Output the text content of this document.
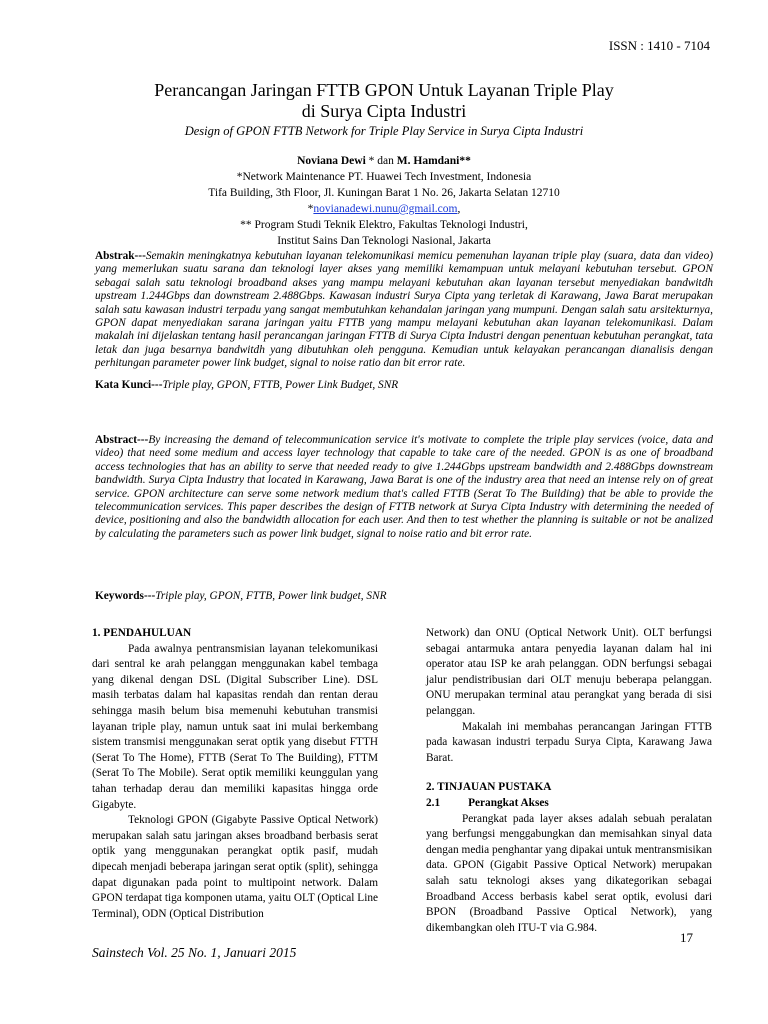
ISSN : 1410 - 7104
Perancangan Jaringan FTTB GPON Untuk Layanan Triple Play
di Surya Cipta Industri
Design of GPON FTTB Network for Triple Play Service in Surya Cipta Industri
Noviana Dewi * dan M. Hamdani**
*Network Maintenance PT. Huawei Tech Investment, Indonesia
Tifa Building, 3th Floor, Jl. Kuningan Barat 1 No. 26, Jakarta Selatan 12710
*novianadewi.nunu@gmail.com,
** Program Studi Teknik Elektro, Fakultas Teknologi Industri,
Institut Sains Dan Teknologi Nasional, Jakarta
Abstrak---Semakin meningkatnya kebutuhan layanan telekomunikasi memicu pemenuhan layanan triple play (suara, data dan video) yang memerlukan suatu sarana dan teknologi layer akses yang memiliki kemampuan untuk melayani kebutuhan tersebut. GPON sebagai salah satu teknologi broadband akses yang mampu melayani kebutuhan akan layanan tersebut menyediakan bandwitdh upstream 1.244Gbps dan downstream 2.488Gbps. Kawasan industri Surya Cipta yang terletak di Karawang, Jawa Barat merupakan salah satu kawasan industri terpadu yang sangat membutuhkan kehandalan jaringan yang mumpuni. Dengan salah satu arsitekturnya, GPON dapat menyediakan sarana jaringan yaitu FTTB yang mampu melayani kebutuhan akan layanan telekomunikasi. Dalam makalah ini dijelaskan tentang hasil perancangan jaringan FTTB di Surya Cipta Industri dengan penentuan kebutuhan perangkat, tata letak dan juga besarnya bandwitdh yang dibutuhkan oleh pengguna. Kemudian untuk kelayakan perancangan dianalisis dengan perhitungan parameter power link budget, signal to noise ratio dan bit error rate.
Kata Kunci---Triple play, GPON, FTTB, Power Link Budget, SNR
Abstract---By increasing the demand of telecommunication service it's motivate to complete the triple play services (voice, data and video) that need some medium and access layer technology that capable to take care of the needed. GPON is as one of broadband access technologies that has an ability to serve that needed ready to give 1.244Gbps upstream bandwidth and 2.488Gbps downstream bandwidth. Surya Cipta Industry that located in Karawang, Jawa Barat is one of the industry area that need an intense rely on of great service. GPON architecture can serve some network medium that's called FTTB (Serat To The Building) that be able to provide the telecommunication services. This paper describes the design of FTTB network at Surya Cipta Industry with determining the needed of device, positioning and also the bandwidth allocation for each user. And then to test whether the planning is suitable or not be analized by calculating the parameters such as power link budget, signal to noise ratio and bit error rate.
Keywords---Triple play, GPON, FTTB, Power link budget, SNR

1. PENDAHULUAN

Pada awalnya pentransmisian layanan telekomunikasi dari sentral ke arah pelanggan menggunakan kabel tembaga yang dikenal dengan DSL (Digital Subscriber Line). DSL masih terbatas dalam hal kapasitas rendah dan rentan derau sehingga masih belum bisa memenuhi kebutuhan transmisi layanan triple play, namun untuk saat ini mulai berkembang sistem transmisi menggunakan serat optik yang disebut FTTH (Serat To The Home), FTTB (Serat To The Building), FTTM (Serat To The Mobile). Serat optik memiliki keunggulan yang tahan terhadap derau dan memiliki kapasitas hingga orde Gigabyte.

Teknologi GPON (Gigabyte Passive Optical Network) merupakan salah satu jaringan akses broadband berbasis serat optik yang menggunakan perangkat optik pasif, mudah dipecah menjadi beberapa jaringan serat optik (split), sehingga dapat digunakan pada point to multipoint network. Dalam GPON terdapat tiga komponen utama, yaitu OLT (Optical Line Terminal), ODN (Optical Distribution

Network) dan ONU (Optical Network Unit). OLT berfungsi sebagai antarmuka antara penyedia layanan dalam hal ini operator atau ISP ke arah pelanggan. ODN berfungsi sebagai jalur pendistribusian dari OLT menuju beberapa pelanggan. ONU merupakan terminal atau perangkat yang berada di sisi pelanggan.

Makalah ini membahas perancangan Jaringan FTTB pada kawasan industri terpadu Surya Cipta, Karawang Jawa Barat.

2. TINJAUAN PUSTAKA

2.1 Perangkat Akses

Perangkat pada layer akses adalah sebuah peralatan yang berfungsi menggabungkan dan memisahkan sinyal data dengan media penghantar yang dipakai untuk mentransmisikan data. GPON (Gigabit Passive Optical Network) merupakan salah satu teknologi akses yang dikategorikan sebagai Broadband Access berbasis kabel serat optik, evolusi dari BPON (Broadband Passive Optical Network), yang dikembangkan oleh ITU-T via G.984.

17
Sainstech Vol. 25 No. 1, Januari 2015
